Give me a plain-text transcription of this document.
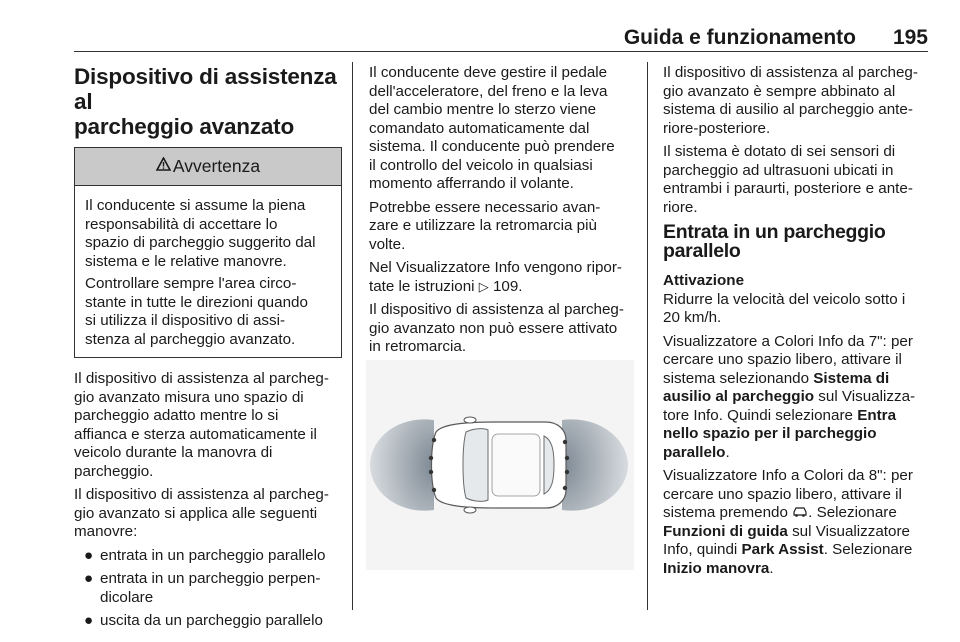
Guida e funzionamento 195
Dispositivo di assistenza al
parcheggio avanzato
Avvertenza

Il conducente si assume la piena
responsabilità di accettare lo
spazio di parcheggio suggerito dal
sistema e le relative manovre.

Controllare sempre l'area circo-
stante in tutte le direzioni quando
si utilizza il dispositivo di assi-
stenza al parcheggio avanzato.

Il dispositivo di assistenza al parcheg-
gio avanzato misura uno spazio di
parcheggio adatto mentre lo si
affianca e sterza automaticamente il
veicolo durante la manovra di
parcheggio.

Il dispositivo di assistenza al parcheg-
gio avanzato si applica alle seguenti
manovre:

● entrata in un parcheggio parallelo
● entrata in un parcheggio perpen-
dicolare
● uscita da un parcheggio parallelo

Il conducente deve gestire il pedale
dell'acceleratore, del freno e la leva
del cambio mentre lo sterzo viene
comandato automaticamente dal
sistema. Il conducente può prendere
il controllo del veicolo in qualsiasi
momento afferrando il volante.

Potrebbe essere necessario avan-
zare e utilizzare la retromarcia più
volte.

Nel Visualizzatore Info vengono ripor-
tate le istruzioni ▷ 109.

Il dispositivo di assistenza al parcheg-
gio avanzato non può essere attivato
in retromarcia.

Il dispositivo di assistenza al parcheg-
gio avanzato è sempre abbinato al
sistema di ausilio al parcheggio ante-
riore-posteriore.

Il sistema è dotato di sei sensori di
parcheggio ad ultrasuoni ubicati in
entrambi i paraurti, posteriore e ante-
riore.

Entrata in un parcheggio parallelo

Attivazione
Ridurre la velocità del veicolo sotto i
20 km/h.

Visualizzatore a Colori Info da 7": per
cercare uno spazio libero, attivare il
sistema selezionando Sistema di
ausilio al parcheggio sul Visualizza-
tore Info. Quindi selezionare Entra
nello spazio per il parcheggio
parallelo.

Visualizzatore Info a Colori da 8": per
cercare uno spazio libero, attivare il
sistema premendo . Selezionare
Funzioni di guida sul Visualizzatore
Info, quindi Park Assist. Selezionare
Inizio manovra.
